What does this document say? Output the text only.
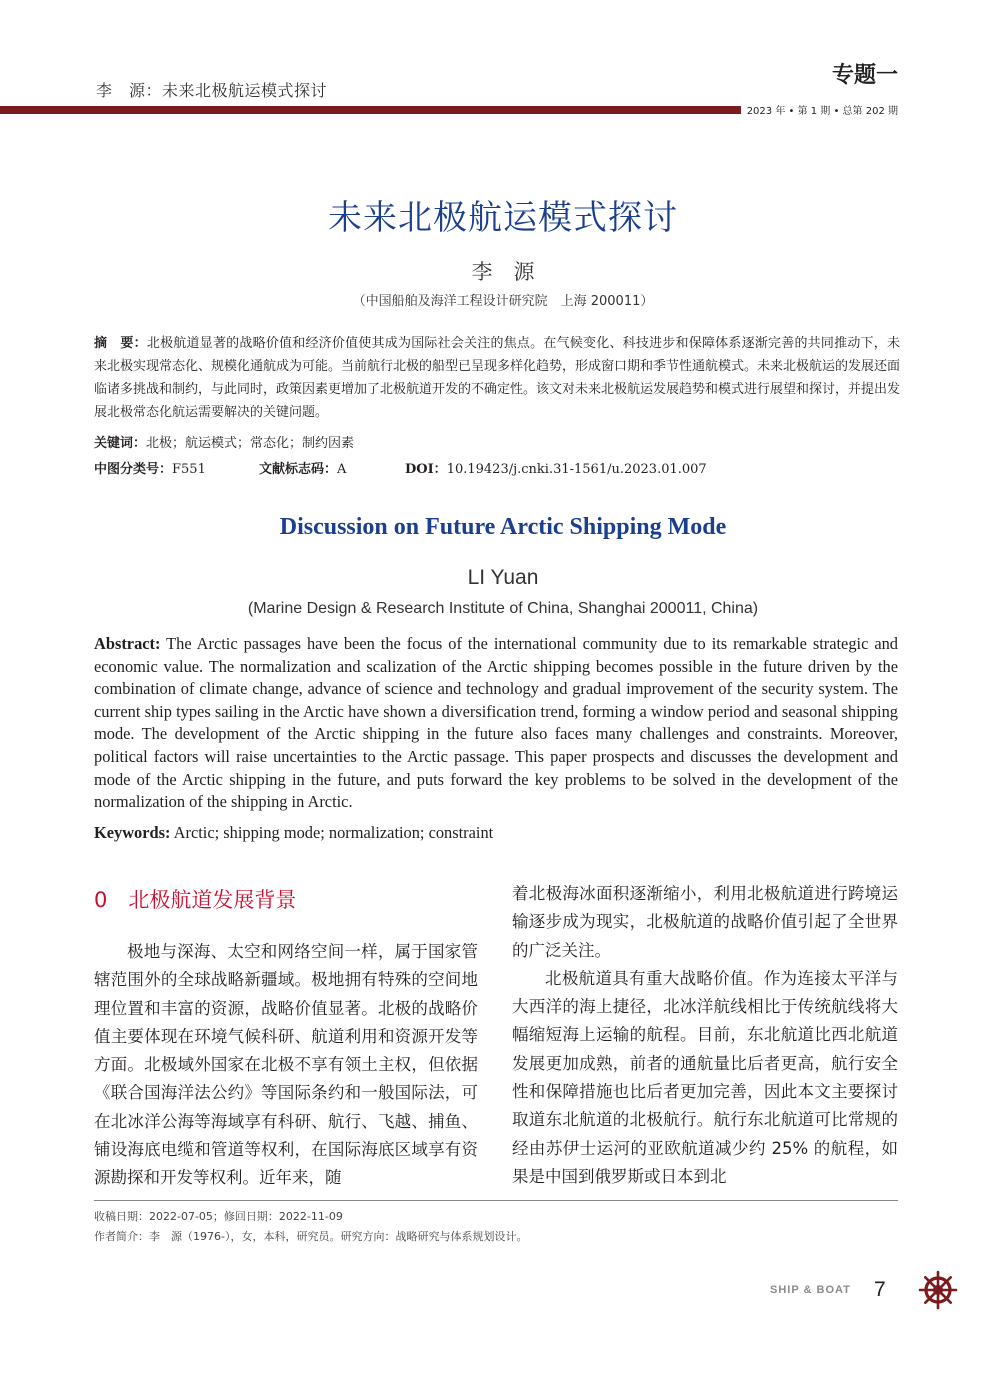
李　源：未来北极航运模式探讨
专题一
2023 年 • 第 1 期 • 总第 202 期
未来北极航运模式探讨
李　源
（中国船舶及海洋工程设计研究院　上海 200011）
摘　要：北极航道显著的战略价值和经济价值使其成为国际社会关注的焦点。在气候变化、科技进步和保障体系逐渐完善的共同推动下，未来北极实现常态化、规模化通航成为可能。当前航行北极的船型已呈现多样化趋势，形成窗口期和季节性通航模式。未来北极航运的发展还面临诸多挑战和制约，与此同时，政策因素更增加了北极航道开发的不确定性。该文对未来北极航运发展趋势和模式进行展望和探讨，并提出发展北极常态化航运需要解决的关键问题。
关键词：北极；航运模式；常态化；制约因素
中图分类号：F551	文献标志码：A	DOI：10.19423/j.cnki.31-1561/u.2023.01.007
Discussion on Future Arctic Shipping Mode
LI Yuan
(Marine Design & Research Institute of China, Shanghai 200011, China)
Abstract: The Arctic passages have been the focus of the international community due to its remarkable strategic and economic value. The normalization and scalization of the Arctic shipping becomes possible in the future driven by the combination of climate change, advance of science and technology and gradual improvement of the security system. The current ship types sailing in the Arctic have shown a diversification trend, forming a window period and seasonal shipping mode. The development of the Arctic shipping in the future also faces many challenges and constraints. Moreover, political factors will raise uncertainties to the Arctic passage. This paper prospects and discusses the development and mode of the Arctic shipping in the future, and puts forward the key problems to be solved in the development of the normalization of the shipping in Arctic.
Keywords: Arctic; shipping mode; normalization; constraint
0　北极航道发展背景

极地与深海、太空和网络空间一样，属于国家管辖范围外的全球战略新疆域。极地拥有特殊的空间地理位置和丰富的资源，战略价值显著。北极的战略价值主要体现在环境气候科研、航道利用和资源开发等方面。北极域外国家在北极不享有领土主权，但依据《联合国海洋法公约》等国际条约和一般国际法，可在北冰洋公海等海域享有科研、航行、飞越、捕鱼、铺设海底电缆和管道等权利，在国际海底区域享有资源勘探和开发等权利。近年来，随

着北极海冰面积逐渐缩小，利用北极航道进行跨境运输逐步成为现实，北极航道的战略价值引起了全世界的广泛关注。

北极航道具有重大战略价值。作为连接太平洋与大西洋的海上捷径，北冰洋航线相比于传统航线将大幅缩短海上运输的航程。目前，东北航道比西北航道发展更加成熟，前者的通航量比后者更高，航行安全性和保障措施也比后者更加完善，因此本文主要探讨取道东北航道的北极航行。航行东北航道可比常规的经由苏伊士运河的亚欧航道减少约 25% 的航程，如果是中国到俄罗斯或日本到北

收稿日期：2022-07-05；修回日期：2022-11-09
作者简介：李　源（1976-），女，本科，研究员。研究方向：战略研究与体系规划设计。
SHIP & BOAT 7
